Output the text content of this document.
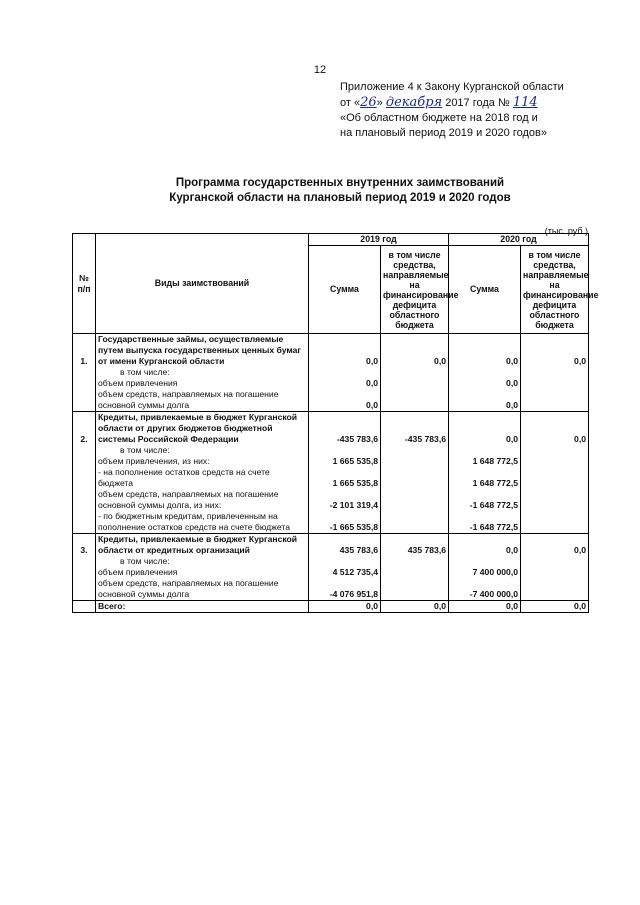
12
Приложение 4 к Закону Курганской области
от «26» декабря 2017 года № 114
«Об областном бюджете на 2018 год и
на плановый период 2019 и 2020 годов»
Программа государственных внутренних заимствований
Курганской области на плановый период 2019 и 2020 годов
(тыс. руб.)
№ п/п	Виды заимствований	2019 год		2020 год	
		Сумма	в том числе средства, направляемые на финансирование дефицита областного бюджета	Сумма	в том числе средства, направляемые на финансирование дефицита областного бюджета
1.	Государственные займы, осуществляемые путем выпуска государственных ценных бумаг от имени Курганской области	0,0	0,0	0,0	0,0
	в том числе:				
	объем привлечения	0,0		0,0	
	объем средств, направляемых на погашение основной суммы долга	0,0		0,0	
2.	Кредиты, привлекаемые в бюджет Курганской области от других бюджетов бюджетной системы Российской Федерации	-435 783,6	-435 783,6	0,0	0,0
	в том числе:				
	объем привлечения, из них:	1 665 535,8		1 648 772,5	
	- на пополнение остатков средств на счете бюджета	1 665 535,8		1 648 772,5	
	объем средств, направляемых на погашение основной суммы долга, из них:	-2 101 319,4		-1 648 772,5	
	- по бюджетным кредитам, привлеченным на пополнение остатков средств на счете бюджета	-1 665 535,8		-1 648 772,5	
3.	Кредиты, привлекаемые в бюджет Курганской области от кредитных организаций	435 783,6	435 783,6	0,0	0,0
	в том числе:				
	объем привлечения	4 512 735,4		7 400 000,0	
	объем средств, направляемых на погашение основной суммы долга	-4 076 951,8		-7 400 000,0	
	Всего:	0,0	0,0	0,0	0,0
